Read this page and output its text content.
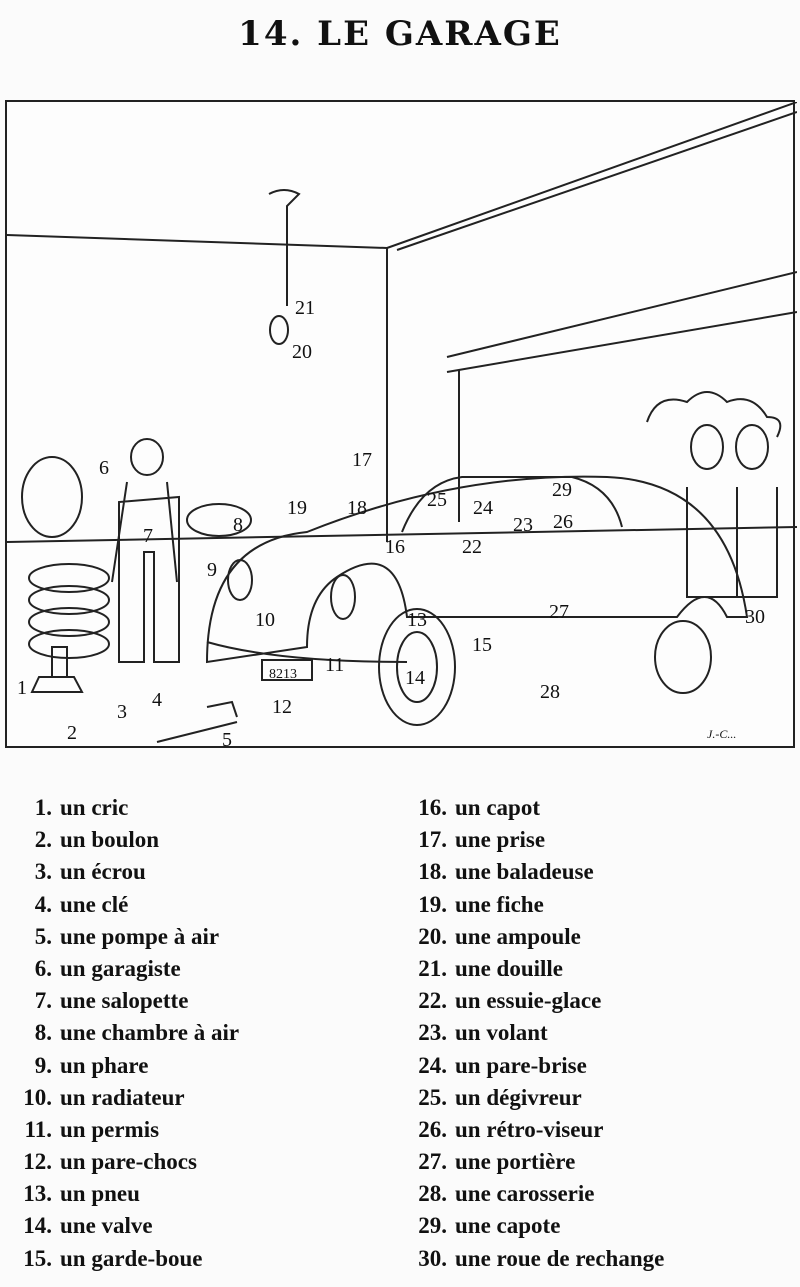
14. LE GARAGE
1
2
3
4
5
6
7	8
9
10
11
12
13
14
15
16
17
18
19
20
21
22
23
24
25
26
27
28
29
30
8213
J.-C...
1. un cric
2. un boulon
3. un écrou
4. une clé
5. une pompe à air
6. un garagiste
7. une salopette
8. une chambre à air
9. un phare
10. un radiateur
11. un permis
12. un pare-chocs
13. un pneu
14. une valve
15. un garde-boue
16. un capot
17. une prise
18. une baladeuse
19. une fiche
20. une ampoule
21. une douille
22. un essuie-glace
23. un volant
24. un pare-brise
25. un dégivreur
26. un rétro-viseur
27. une portière
28. une carosserie
29. une capote
30. une roue de rechange
